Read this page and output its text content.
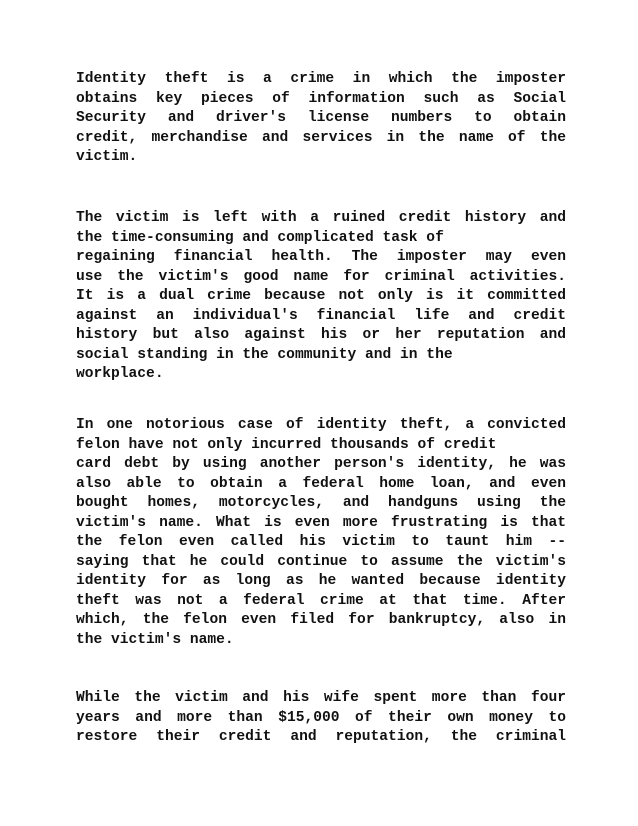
Identity theft is a crime in which the imposter
obtains key pieces of information such as Social
Security and driver's license numbers to obtain
credit, merchandise and services in the name of the
victim.
The victim is left with a ruined credit history and
the time-consuming and complicated task of
regaining financial health. The imposter may even
use the victim's good name for criminal activities.
It is a dual crime because not only is it committed
against an individual's financial life and credit
history but also against his or her reputation and
social standing in the community and in the
workplace.
In one notorious case of identity theft, a convicted
felon have not only incurred thousands of credit
card debt by using another person's identity, he was
also able to obtain a federal home loan, and even
bought homes, motorcycles, and handguns using the
victim's name. What is even more frustrating is that
the felon even called his victim to taunt him --
saying that he could continue to assume the victim's
identity for as long as he wanted because identity
theft was not a federal crime at that time. After
which, the felon even filed for bankruptcy, also in
the victim's name.
While the victim and his wife spent more than four
years and more than $15,000 of their own money to
restore their credit and reputation, the criminal
